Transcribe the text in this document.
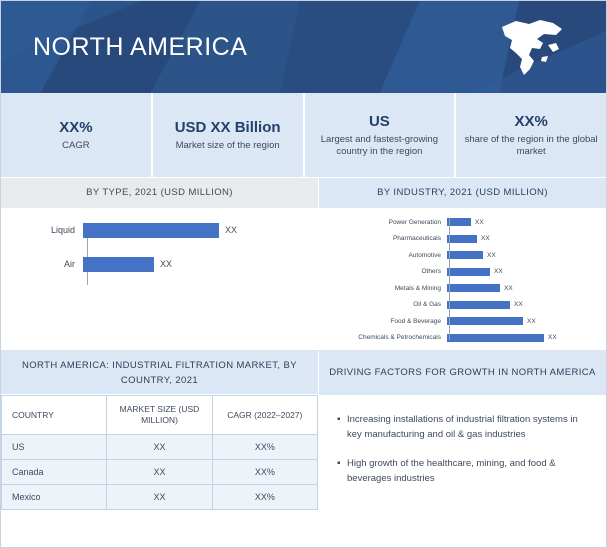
NORTH AMERICA
XX%
CAGR
USD XX Billion
Market size of the region
US
Largest and fastest-growing country in the region
XX%
share of the region in the global market
BY TYPE, 2021 (USD MILLION)
Liquid	XX
Air	XX
BY INDUSTRY, 2021 (USD MILLION)
Power Generation	XX
Pharmaceuticals	XX
Automotive	XX
Others	XX
Metals & Mining	XX
Oil & Gas	XX
Food & Beverage	XX
Chemicals & Petrochemicals	XX
NORTH AMERICA: INDUSTRIAL FILTRATION MARKET, BY COUNTRY, 2021
COUNTRY	MARKET SIZE (USD MILLION)	CAGR (2022–2027)
US	XX	XX%
Canada	XX	XX%
Mexico	XX	XX%
DRIVING FACTORS FOR GROWTH IN NORTH AMERICA
▪ Increasing installations of industrial filtration systems in key manufacturing and oil & gas industries
▪ High growth of the healthcare, mining, and food & beverages industries
